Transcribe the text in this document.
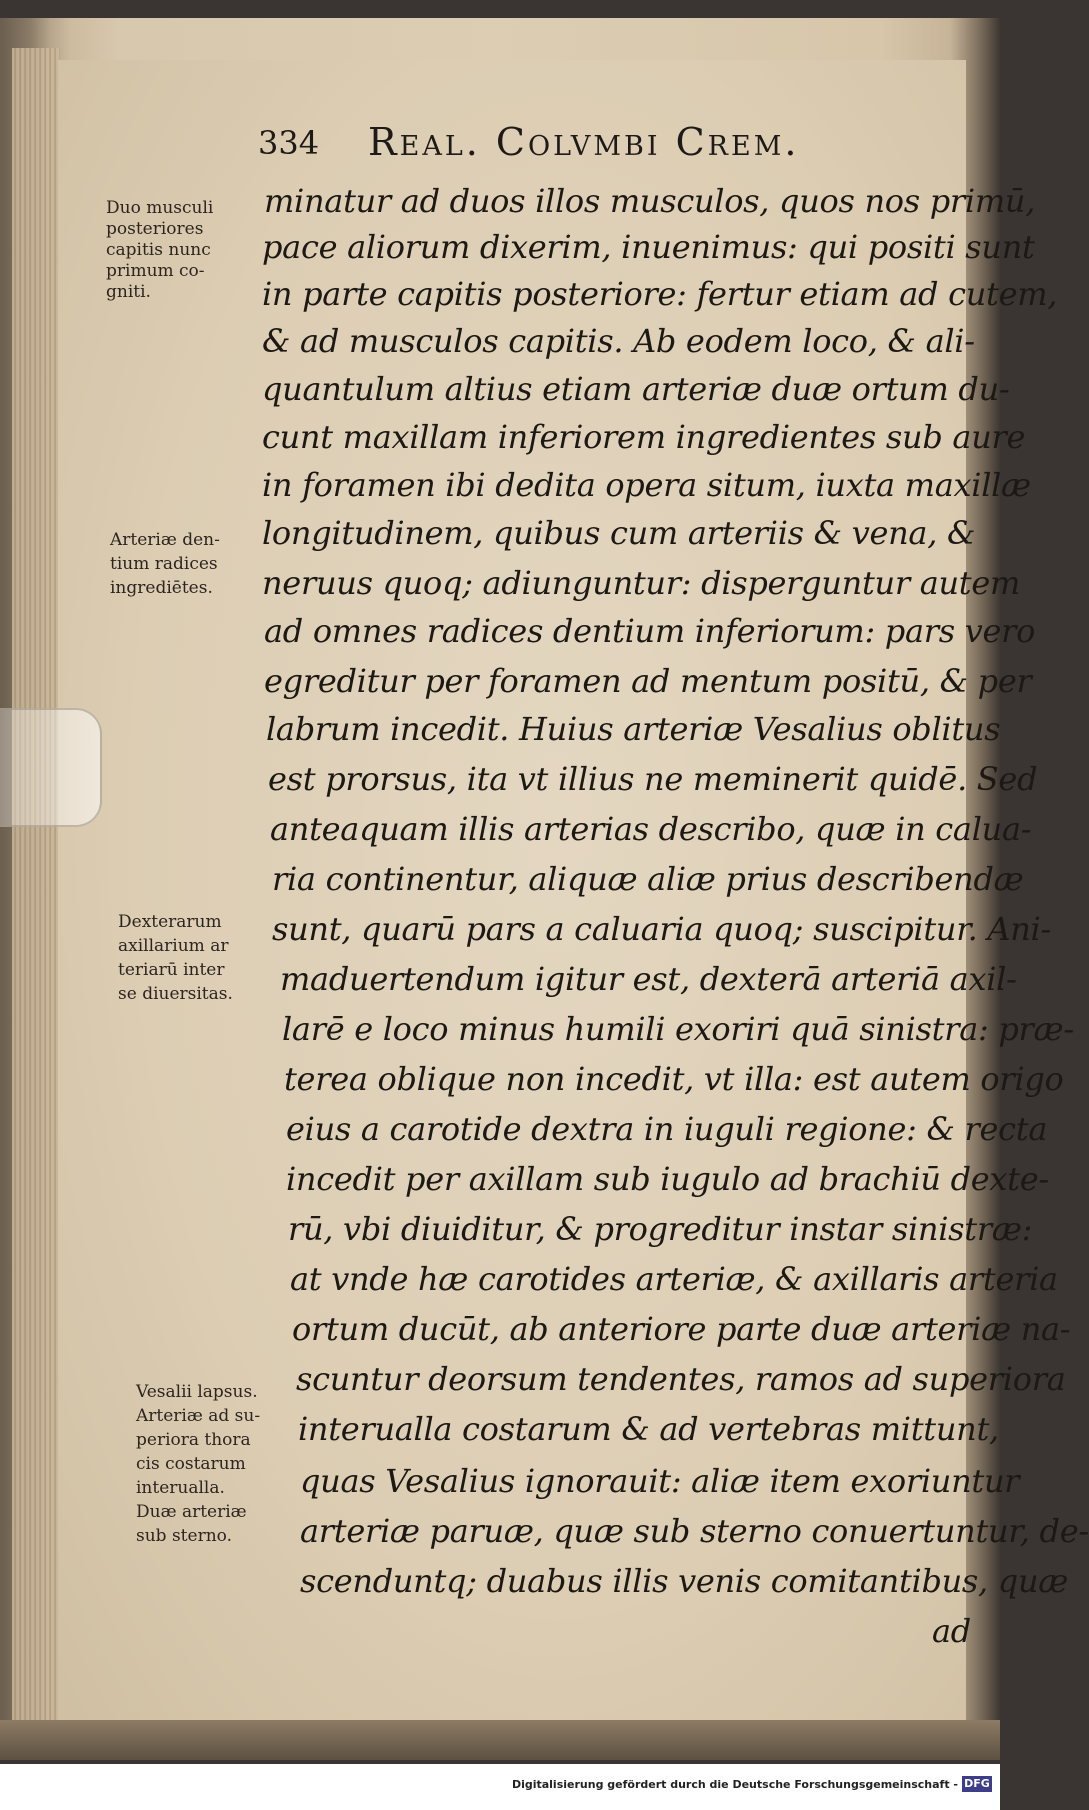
334 Real. Colvmbi Crem.
minatur ad duos illos musculos, quos nos primū,
pace aliorum dixerim, inuenimus: qui positi sunt
in parte capitis posteriore: fertur etiam ad cutem,
& ad musculos capitis. Ab eodem loco, & ali-
quantulum altius etiam arteriæ duæ ortum du-
cunt maxillam inferiorem ingredientes sub aure
in foramen ibi dedita opera situm, iuxta maxillæ
longitudinem, quibus cum arteriis & vena, &
neruus quoq; adiunguntur: disperguntur autem
ad omnes radices dentium inferiorum: pars vero
egreditur per foramen ad mentum positū, & per
labrum incedit. Huius arteriæ Vesalius oblitus
est prorsus, ita vt illius ne meminerit quidē. Sed
anteaquam illis arterias describo, quæ in calua-
ria continentur, aliquæ aliæ prius describendæ
sunt, quarū pars a caluaria quoq; suscipitur. Ani-
maduertendum igitur est, dexterā arteriā axil-
larē e loco minus humili exoriri quā sinistra: præ-
terea oblique non incedit, vt illa: est autem origo
eius a carotide dextra in iuguli regione: & recta
incedit per axillam sub iugulo ad brachiū dexte-
rū, vbi diuiditur, & progreditur instar sinistræ:
at vnde hæ carotides arteriæ, & axillaris arteria
ortum ducūt, ab anteriore parte duæ arteriæ na-
scuntur deorsum tendentes, ramos ad superiora
interualla costarum & ad vertebras mittunt,
quas Vesalius ignorauit: aliæ item exoriuntur
arteriæ paruæ, quæ sub sterno conuertuntur, de-
scenduntq; duabus illis venis comitantibus, quæ
ad
Duo musculi
posteriores
capitis nunc
primum co-
gniti.
Arteriæ den-
tium radices
ingrediētes.
Dexterarum
axillarium ar
teriarū inter
se diuersitas.
Vesalii lapsus.
Arteriæ ad su-
periora thora
cis costarum
interualla.
Duæ arteriæ
sub sterno.
Digitalisierung gefördert durch die Deutsche Forschungsgemeinschaft - DFG
